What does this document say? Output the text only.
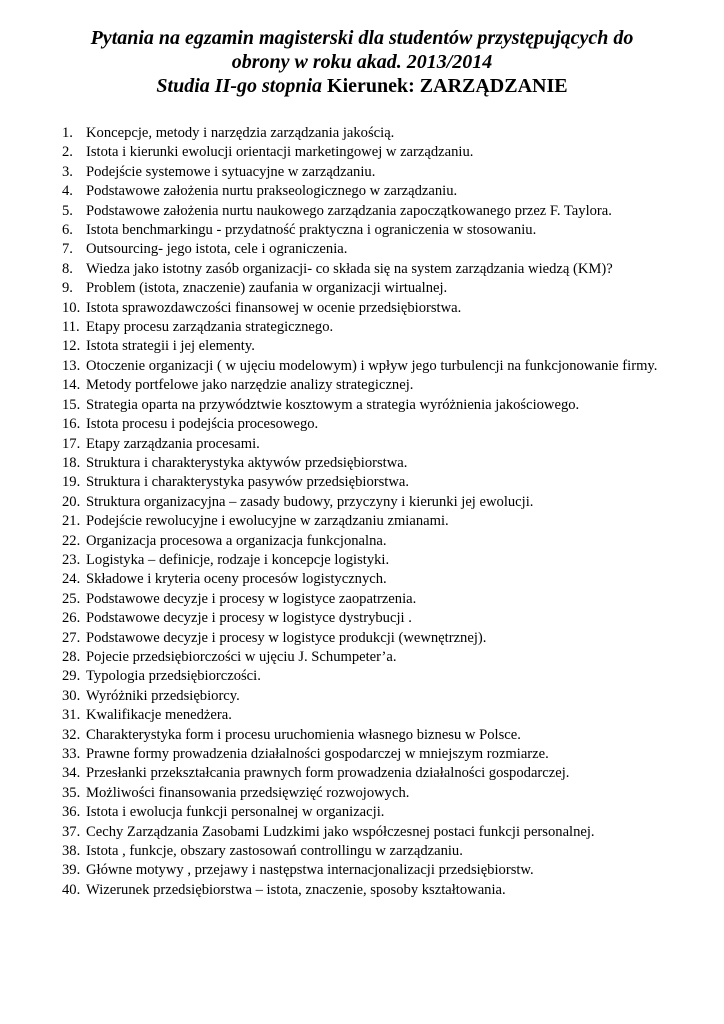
Pytania na egzamin magisterski dla studentów przystępujących do
obrony w roku akad. 2013/2014
Studia II-go stopnia Kierunek: ZARZĄDZANIE
1. Koncepcje, metody i narzędzia zarządzania jakością.
2. Istota i kierunki ewolucji orientacji marketingowej w zarządzaniu.
3. Podejście systemowe i sytuacyjne w zarządzaniu.
4. Podstawowe założenia nurtu prakseologicznego w zarządzaniu.
5. Podstawowe założenia nurtu naukowego zarządzania zapoczątkowanego przez F. Taylora.
6. Istota benchmarkingu - przydatność praktyczna i ograniczenia w stosowaniu.
7. Outsourcing- jego istota, cele i ograniczenia.
8. Wiedza jako istotny zasób organizacji- co składa się na system zarządzania wiedzą (KM)?
9. Problem (istota, znaczenie) zaufania w organizacji wirtualnej.
10. Istota sprawozdawczości finansowej w ocenie przedsiębiorstwa.
11. Etapy procesu zarządzania strategicznego.
12. Istota strategii i jej elementy.
13. Otoczenie organizacji ( w ujęciu modelowym) i wpływ jego turbulencji na funkcjonowanie firmy.
14. Metody portfelowe jako narzędzie analizy strategicznej.
15. Strategia oparta na przywództwie kosztowym a strategia wyróżnienia jakościowego.
16. Istota procesu i podejścia procesowego.
17. Etapy zarządzania procesami.
18. Struktura i charakterystyka aktywów przedsiębiorstwa.
19. Struktura i charakterystyka pasywów przedsiębiorstwa.
20. Struktura organizacyjna – zasady budowy, przyczyny i kierunki jej ewolucji.
21. Podejście rewolucyjne i ewolucyjne w zarządzaniu zmianami.
22. Organizacja procesowa a organizacja funkcjonalna.
23. Logistyka – definicje, rodzaje i koncepcje logistyki.
24. Składowe i kryteria oceny procesów logistycznych.
25. Podstawowe decyzje i procesy w logistyce zaopatrzenia.
26. Podstawowe decyzje i procesy w logistyce dystrybucji .
27. Podstawowe decyzje i procesy w logistyce produkcji (wewnętrznej).
28. Pojecie przedsiębiorczości w ujęciu J. Schumpeter’a.
29. Typologia przedsiębiorczości.
30. Wyróżniki przedsiębiorcy.
31. Kwalifikacje menedżera.
32. Charakterystyka form i procesu uruchomienia własnego biznesu w Polsce.
33. Prawne formy prowadzenia działalności gospodarczej w mniejszym rozmiarze.
34. Przesłanki przekształcania prawnych form prowadzenia działalności gospodarczej.
35. Możliwości finansowania przedsięwzięć rozwojowych.
36. Istota i ewolucja funkcji personalnej w organizacji.
37. Cechy Zarządzania Zasobami Ludzkimi jako współczesnej postaci funkcji personalnej.
38. Istota , funkcje, obszary zastosowań controllingu w zarządzaniu.
39. Główne motywy , przejawy i następstwa internacjonalizacji przedsiębiorstw.
40. Wizerunek przedsiębiorstwa – istota, znaczenie, sposoby kształtowania.
